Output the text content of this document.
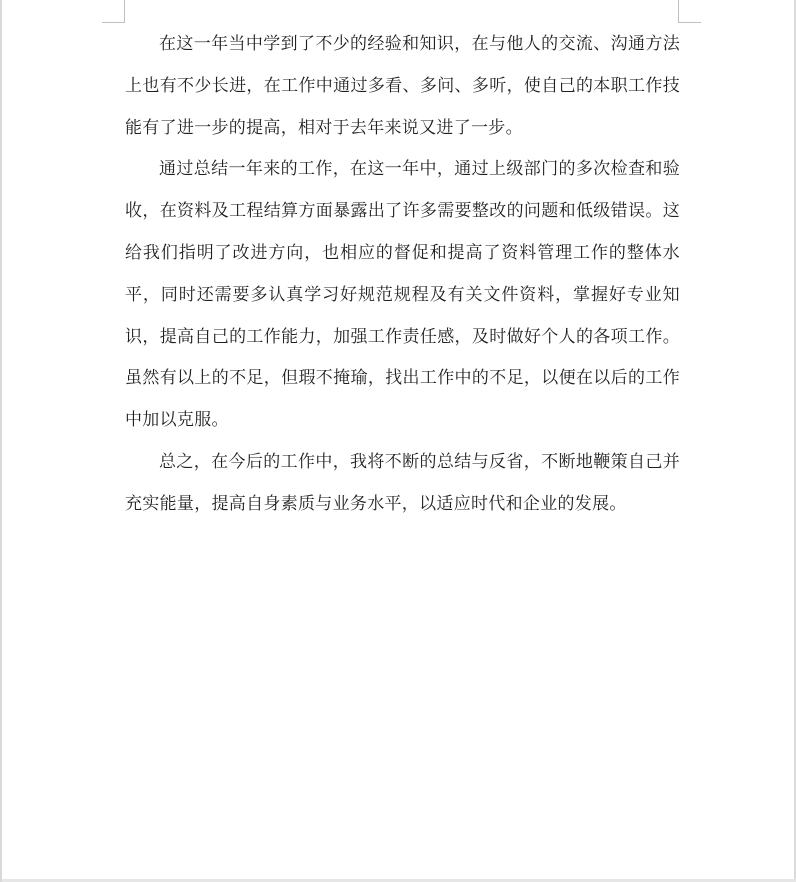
在这一年当中学到了不少的经验和知识，在与他人的交流、沟通方法上也有不少长进，在工作中通过多看、多问、多听，使自己的本职工作技能有了进一步的提高，相对于去年来说又进了一步。

通过总结一年来的工作，在这一年中，通过上级部门的多次检查和验收，在资料及工程结算方面暴露出了许多需要整改的问题和低级错误。这给我们指明了改进方向，也相应的督促和提高了资料管理工作的整体水平，同时还需要多认真学习好规范规程及有关文件资料，掌握好专业知识，提高自己的工作能力，加强工作责任感，及时做好个人的各项工作。虽然有以上的不足，但瑕不掩瑜，找出工作中的不足，以便在以后的工作中加以克服。

总之，在今后的工作中，我将不断的总结与反省，不断地鞭策自己并充实能量，提高自身素质与业务水平，以适应时代和企业的发展。
